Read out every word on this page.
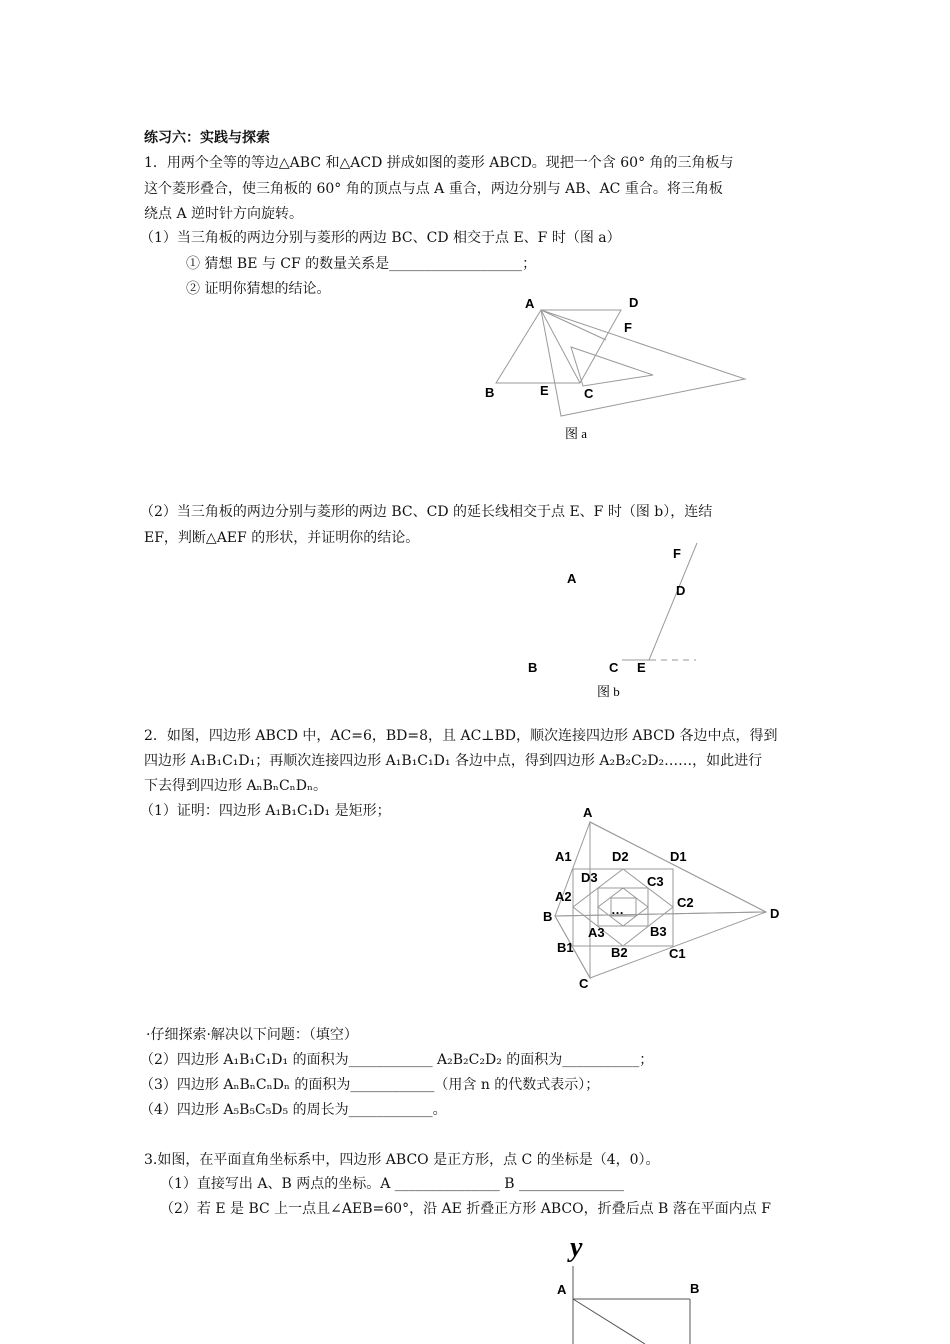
练习六：实践与探索
1．用两个全等的等边△ABC 和△ACD 拼成如图的菱形 ABCD。现把一个含 60° 角的三角板与
这个菱形叠合，使三角板的 60° 角的顶点与点 A 重合，两边分别与 AB、AC 重合。将三角板
绕点 A 逆时针方向旋转。
（1）当三角板的两边分别与菱形的两边 BC、CD 相交于点 E、F 时（图 a）
① 猜想 BE 与 CF 的数量关系是___________________；
② 证明你猜想的结论。
A	D
F
B	E	C
图 a
（2）当三角板的两边分别与菱形的两边 BC、CD 的延长线相交于点 E、F 时（图 b），连结
EF，判断△AEF 的形状，并证明你的结论。
F
A
D
B	C E
图 b
2．如图，四边形 ABCD 中，AC=6，BD=8，且 AC⊥BD，顺次连接四边形 ABCD 各边中点，得到
四边形 A₁B₁C₁D₁；再顺次连接四边形 A₁B₁C₁D₁ 各边中点，得到四边形 A₂B₂C₂D₂……，如此进行
下去得到四边形 AₙBₙCₙDₙ。
（1）证明：四边形 A₁B₁C₁D₁ 是矩形；	A
A1	D2	D1
D3	C3
A2	C2
B	…	D
A3	B3
B1	B2	C1
C
·仔细探索·解决以下问题：（填空）
（2）四边形 A₁B₁C₁D₁ 的面积为____________ A₂B₂C₂D₂ 的面积为___________；
（3）四边形 AₙBₙCₙDₙ 的面积为____________（用含 n 的代数式表示）；
（4）四边形 A₅B₅C₅D₅ 的周长为____________。
3.如图，在平面直角坐标系中，四边形 ABCO 是正方形，点 C 的坐标是（4，0）。
（1）直接写出 A、B 两点的坐标。A _______________ B _______________
（2）若 E 是 BC 上一点且∠AEB=60°，沿 AE 折叠正方形 ABCO，折叠后点 B 落在平面内点 F
y
A	B
